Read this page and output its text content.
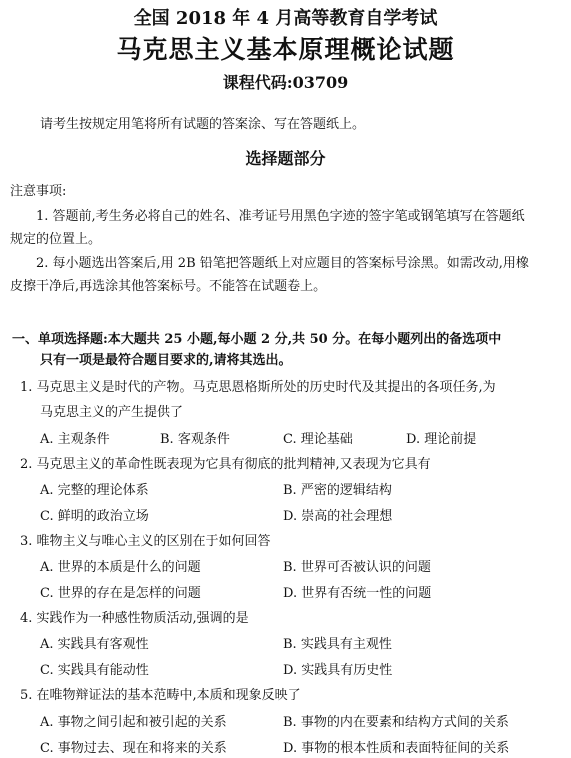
全国 2018 年 4 月高等教育自学考试
马克思主义基本原理概论试题
课程代码:03709
请考生按规定用笔将所有试题的答案涂、写在答题纸上。
选择题部分
注意事项:
1. 答题前,考生务必将自己的姓名、准考证号用黑色字迹的签字笔或钢笔填写在答题纸
规定的位置上。
2. 每小题选出答案后,用 2B 铅笔把答题纸上对应题目的答案标号涂黑。如需改动,用橡
皮擦干净后,再选涂其他答案标号。不能答在试题卷上。
一、单项选择题:本大题共 25 小题,每小题 2 分,共 50 分。在每小题列出的备选项中
只有一项是最符合题目要求的,请将其选出。
1. 马克思主义是时代的产物。马克思恩格斯所处的历史时代及其提出的各项任务,为
马克思主义的产生提供了
A. 主观条件	B. 客观条件	C. 理论基础	D. 理论前提
2. 马克思主义的革命性既表现为它具有彻底的批判精神,又表现为它具有
A. 完整的理论体系	B. 严密的逻辑结构
C. 鲜明的政治立场	D. 崇高的社会理想
3. 唯物主义与唯心主义的区别在于如何回答
A. 世界的本质是什么的问题	B. 世界可否被认识的问题
C. 世界的存在是怎样的问题	D. 世界有否统一性的问题
4. 实践作为一种感性物质活动,强调的是
A. 实践具有客观性	B. 实践具有主观性
C. 实践具有能动性	D. 实践具有历史性
5. 在唯物辩证法的基本范畴中,本质和现象反映了
A. 事物之间引起和被引起的关系	B. 事物的内在要素和结构方式间的关系
C. 事物过去、现在和将来的关系	D. 事物的根本性质和表面特征间的关系
